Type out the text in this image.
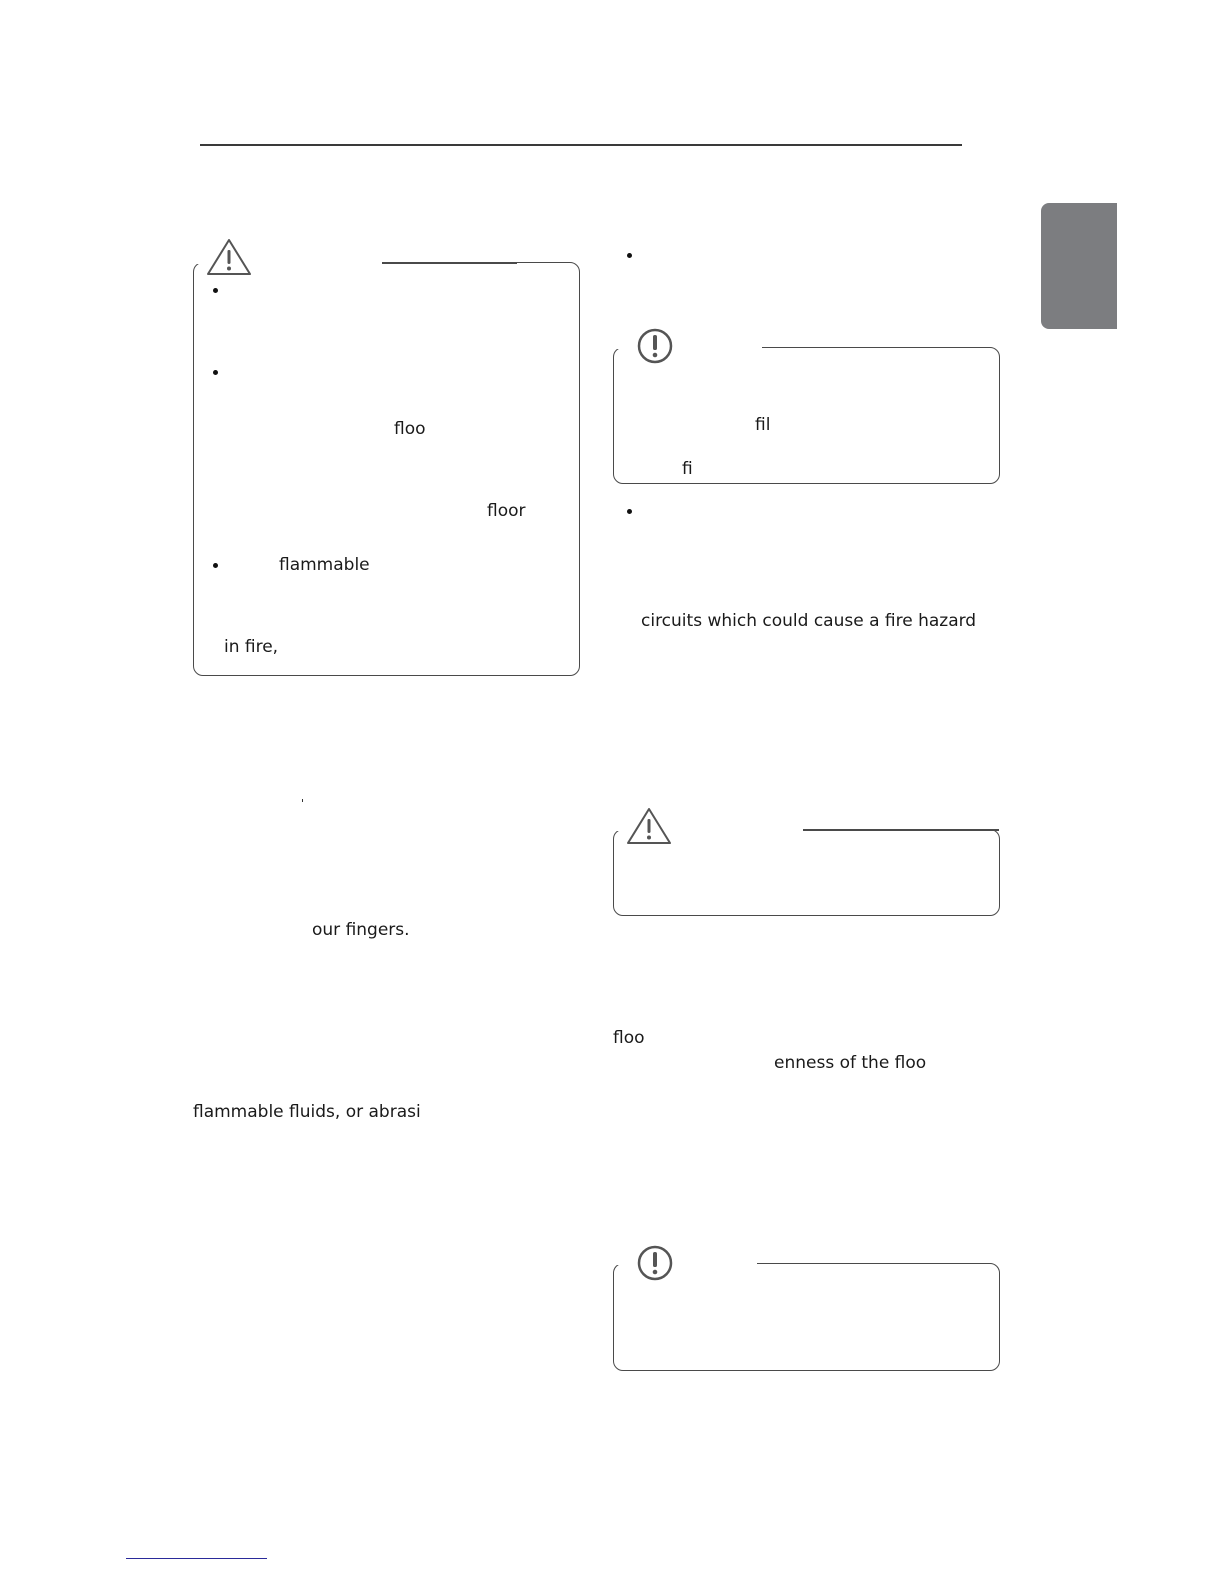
floo
floor
flammable
in fire,
our fingers.
flammable fluids, or abrasi
fil
fi
circuits which could cause a fire hazard
floo
enness of the floo
